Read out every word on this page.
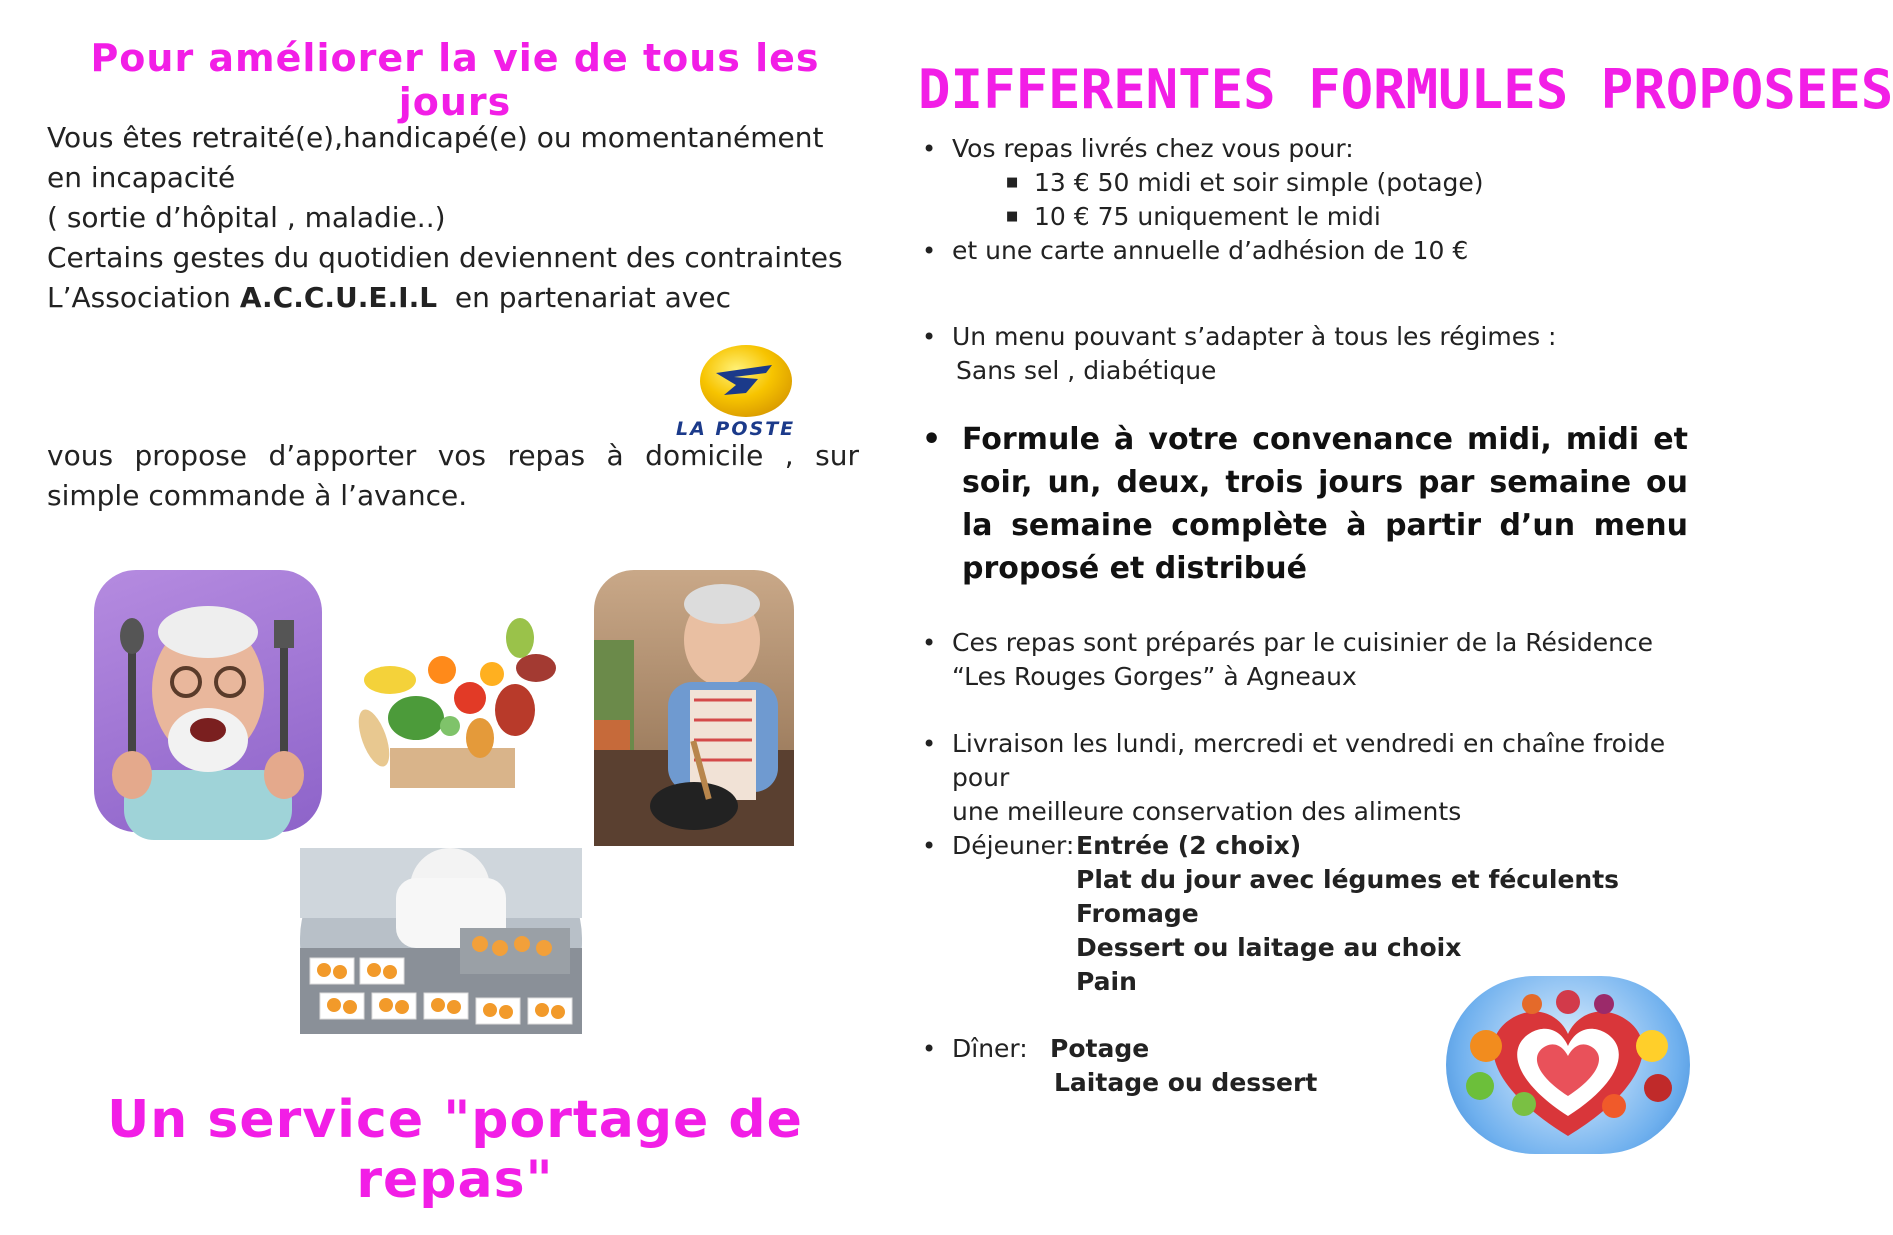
Pour améliorer la vie de tous les jours
Vous êtes retraité(e),handicapé(e) ou momentanément
en incapacité
( sortie d’hôpital , maladie..)
Certains gestes du quotidien deviennent des contraintes
L’Association A.C.C.U.E.I.L  en partenariat avec
LA POSTE
vous propose d’apporter vos repas à domicile , sur
simple commande à l’avance.
Un service "portage de repas"
DIFFERENTES FORMULES PROPOSEES
• Vos repas livrés chez vous pour:
■ 13 € 50 midi et soir simple (potage)
■ 10 € 75 uniquement le midi
• et une carte annuelle d’adhésion de 10 €
• Un menu pouvant s’adapter à tous les régimes :
Sans sel , diabétique
• Formule à votre convenance midi, midi et soir, un, deux, trois jours par semaine ou la semaine complète à partir d’un menu proposé et distribué
• Ces repas sont préparés par le cuisinier de la Résidence
“Les Rouges Gorges” à Agneaux
• Livraison les lundi, mercredi et vendredi en chaîne froide pour
une meilleure conservation des aliments
• Déjeuner: Entrée (2 choix)
Plat du jour avec légumes et féculents
Fromage
Dessert ou laitage au choix
Pain
• Dîner: Potage
Laitage ou dessert
